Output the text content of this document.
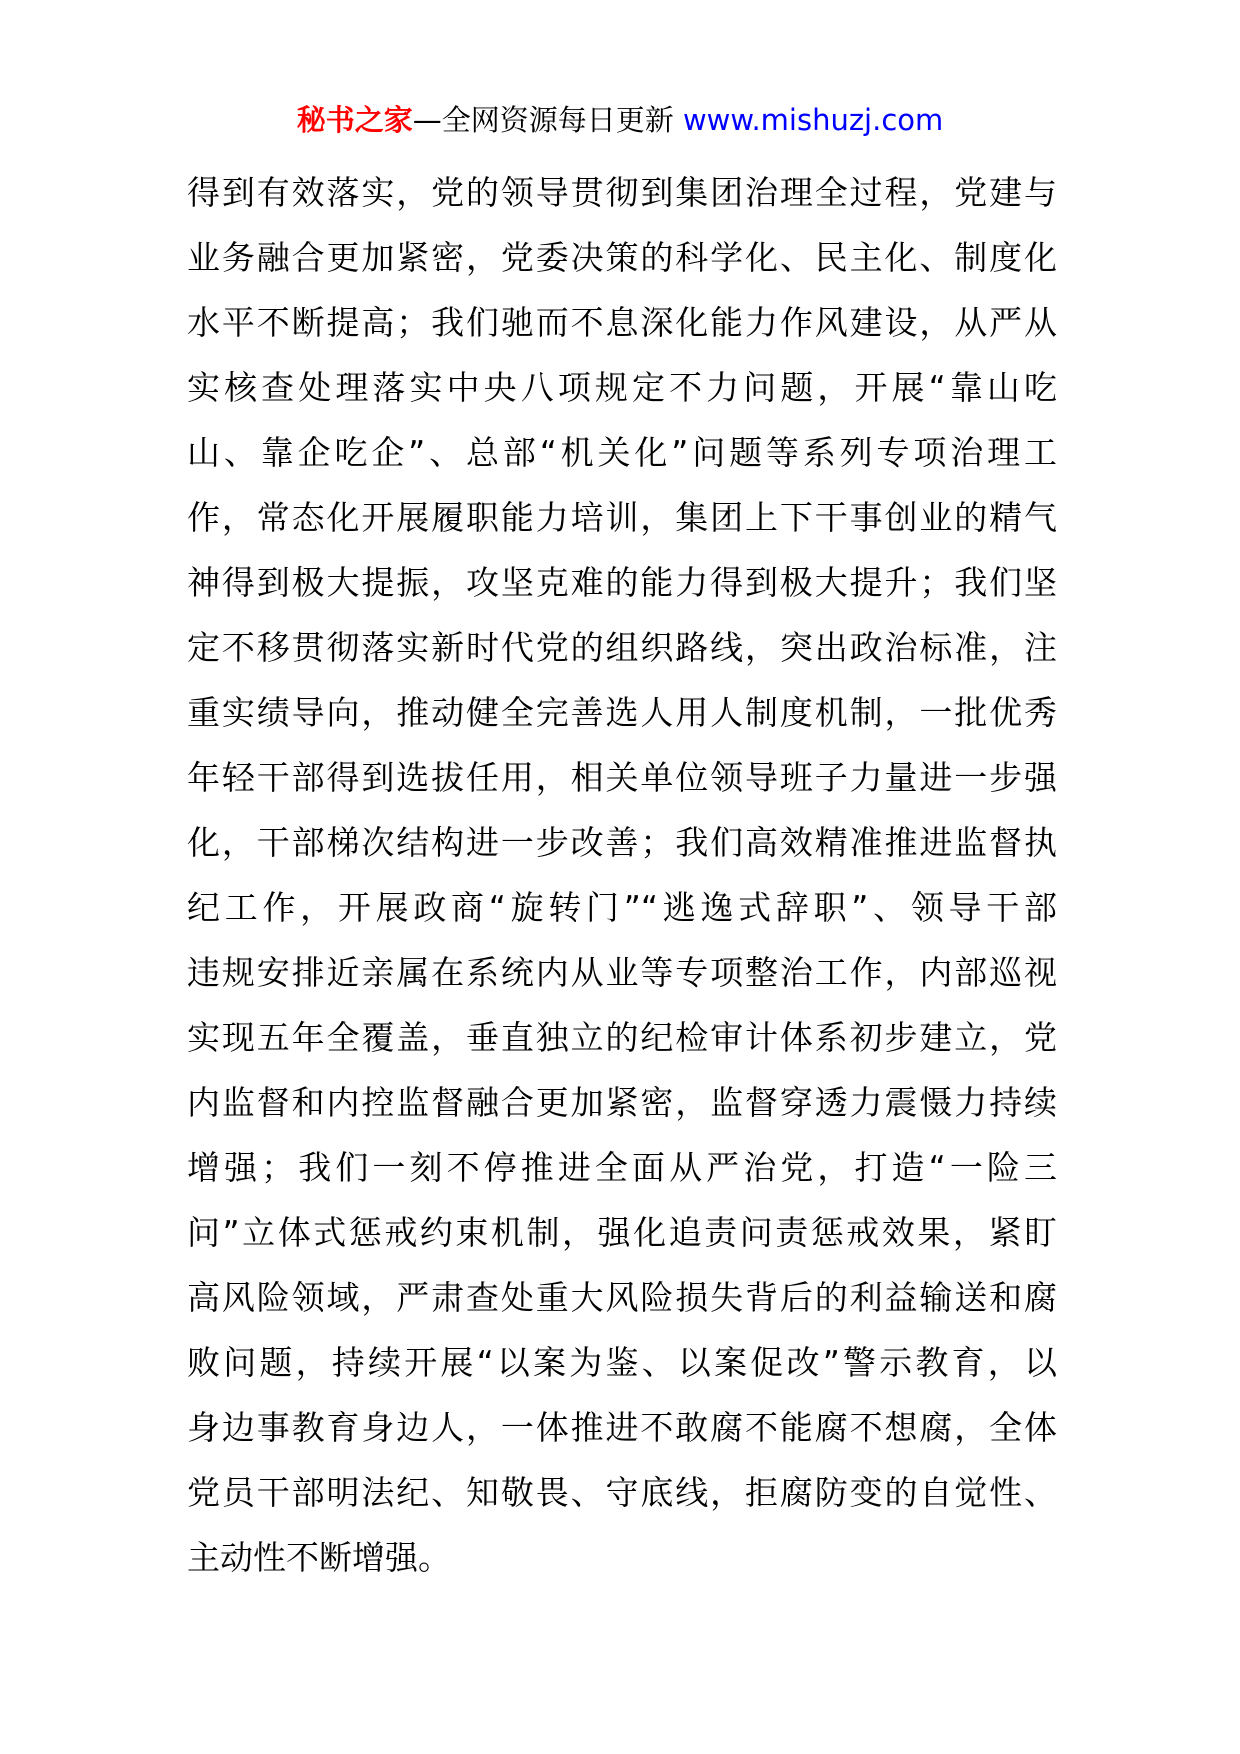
秘书之家—全网资源每日更新 www.mishuzj.com
得到有效落实，党的领导贯彻到集团治理全过程，党建与
业务融合更加紧密，党委决策的科学化、民主化、制度化
水平不断提高；我们驰而不息深化能力作风建设，从严从
实核查处理落实中央八项规定不力问题，开展“靠山吃
山、靠企吃企”、总部“机关化”问题等系列专项治理工
作，常态化开展履职能力培训，集团上下干事创业的精气
神得到极大提振，攻坚克难的能力得到极大提升；我们坚
定不移贯彻落实新时代党的组织路线，突出政治标准，注
重实绩导向，推动健全完善选人用人制度机制，一批优秀
年轻干部得到选拔任用，相关单位领导班子力量进一步强
化，干部梯次结构进一步改善；我们高效精准推进监督执
纪工作，开展政商“旋转门”“逃逸式辞职”、领导干部
违规安排近亲属在系统内从业等专项整治工作，内部巡视
实现五年全覆盖，垂直独立的纪检审计体系初步建立，党
内监督和内控监督融合更加紧密，监督穿透力震慑力持续
增强；我们一刻不停推进全面从严治党，打造“一险三
问”立体式惩戒约束机制，强化追责问责惩戒效果，紧盯
高风险领域，严肃查处重大风险损失背后的利益输送和腐
败问题，持续开展“以案为鉴、以案促改”警示教育，以
身边事教育身边人，一体推进不敢腐不能腐不想腐，全体
党员干部明法纪、知敬畏、守底线，拒腐防变的自觉性、
主动性不断增强。
